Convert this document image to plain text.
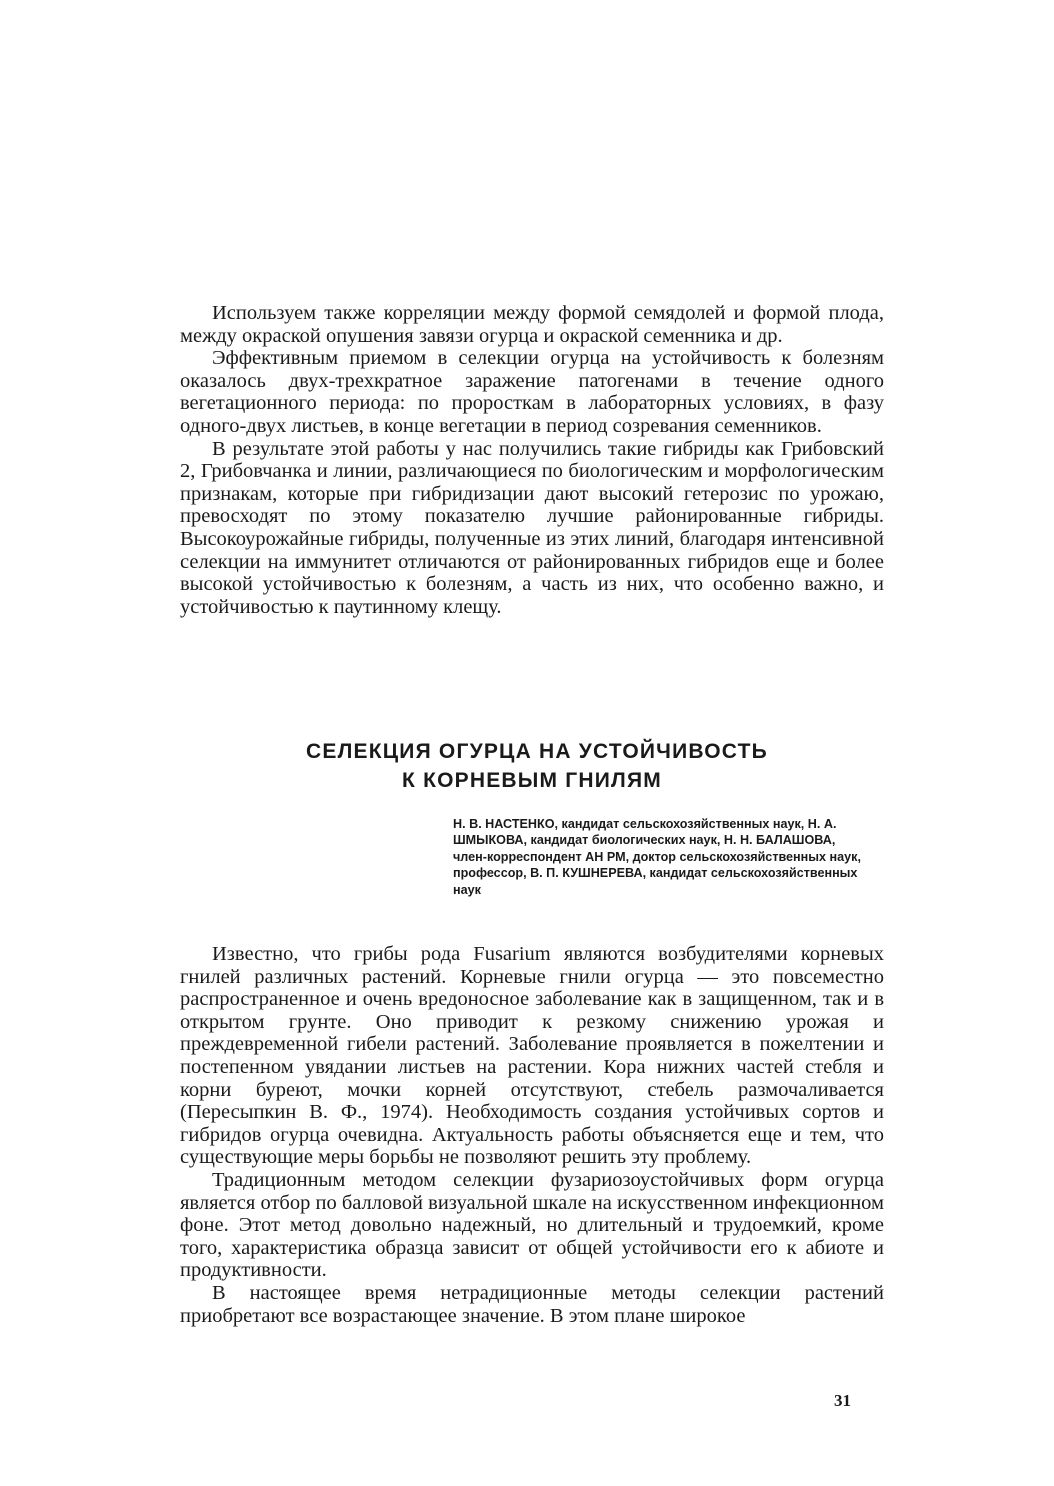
Используем также корреляции между формой семядолей и формой плода, между окраской опушения завязи огурца и окраской семенника и др.

Эффективным приемом в селекции огурца на устойчивость к болезням оказалось двух-трехкратное заражение патогенами в течение одного вегетационного периода: по проросткам в лабораторных условиях, в фазу одного-двух листьев, в конце вегетации в период созревания семенников.

В результате этой работы у нас получились такие гибриды как Грибовский 2, Грибовчанка и линии, различающиеся по биологическим и морфологическим признакам, которые при гибридизации дают высокий гетерозис по урожаю, превосходят по этому показателю лучшие районированные гибриды. Высокоурожайные гибриды, полученные из этих линий, благодаря интенсивной селекции на иммунитет отличаются от районированных гибридов еще и более высокой устойчивостью к болезням, а часть из них, что особенно важно, и устойчивостью к паутинному клещу.

СЕЛЕКЦИЯ ОГУРЦА НА УСТОЙЧИВОСТЬ
К КОРНЕВЫМ ГНИЛЯМ
Н. В. НАСТЕНКО, кандидат сельскохозяйственных наук, Н. А. ШМЫКОВА, кандидат биологических наук, Н. Н. БАЛАШОВА, член-корреспондент АН РМ, доктор сельскохозяйственных наук, профессор, В. П. КУШНЕРЕВА, кандидат сельскохозяйственных наук

Известно, что грибы рода Fusarium являются возбудителями корневых гнилей различных растений. Корневые гнили огурца — это повсеместно распространенное и очень вредоносное заболевание как в защищенном, так и в открытом грунте. Оно приводит к резкому снижению урожая и преждевременной гибели растений. Заболевание проявляется в пожелтении и постепенном увядании листьев на растении. Кора нижних частей стебля и корни буреют, мочки корней отсутствуют, стебель размочаливается (Пересыпкин В. Ф., 1974). Необходимость создания устойчивых сортов и гибридов огурца очевидна. Актуальность работы объясняется еще и тем, что существующие меры борьбы не позволяют решить эту проблему.

Традиционным методом селекции фузариозоустойчивых форм огурца является отбор по балловой визуальной шкале на искусственном инфекционном фоне. Этот метод довольно надежный, но длительный и трудоемкий, кроме того, характеристика образца зависит от общей устойчивости его к абиоте и продуктивности.

В настоящее время нетрадиционные методы селекции растений приобретают все возрастающее значение. В этом плане широкое

31
